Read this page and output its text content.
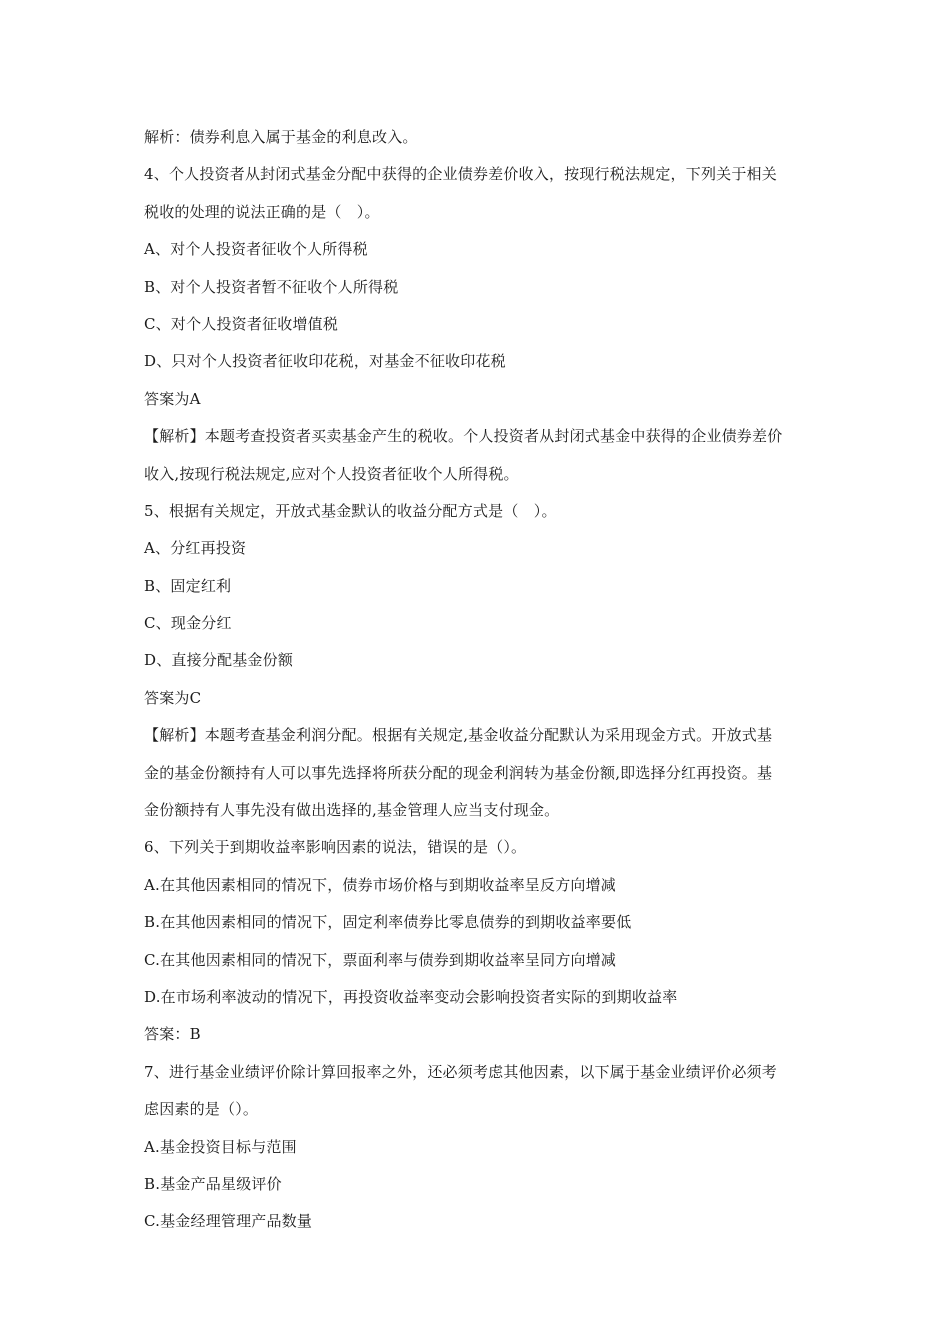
解析：债券利息入属于基金的利息改入。
4、个人投资者从封闭式基金分配中获得的企业债券差价收入，按现行税法规定，下列关于相关
税收的处理的说法正确的是（　）。
A、对个人投资者征收个人所得税
B、对个人投资者暂不征收个人所得税
C、对个人投资者征收增值税
D、只对个人投资者征收印花税，对基金不征收印花税
答案为A
【解析】本题考查投资者买卖基金产生的税收。个人投资者从封闭式基金中获得的企业债券差价
收入,按现行税法规定,应对个人投资者征收个人所得税。
5、根据有关规定，开放式基金默认的收益分配方式是（　）。
A、分红再投资
B、固定红利
C、现金分红
D、直接分配基金份额
答案为C
【解析】本题考查基金利润分配。根据有关规定,基金收益分配默认为采用现金方式。开放式基
金的基金份额持有人可以事先选择将所获分配的现金利润转为基金份额,即选择分红再投资。基
金份额持有人事先没有做出选择的,基金管理人应当支付现金。
6、下列关于到期收益率影响因素的说法，错误的是（）。
A.在其他因素相同的情况下，债券市场价格与到期收益率呈反方向增减
B.在其他因素相同的情况下，固定利率债券比零息债券的到期收益率要低
C.在其他因素相同的情况下，票面利率与债券到期收益率呈同方向增减
D.在市场利率波动的情况下，再投资收益率变动会影响投资者实际的到期收益率
答案：B
7、进行基金业绩评价除计算回报率之外，还必须考虑其他因素，以下属于基金业绩评价必须考
虑因素的是（）。
A.基金投资目标与范围
B.基金产品星级评价
C.基金经理管理产品数量
